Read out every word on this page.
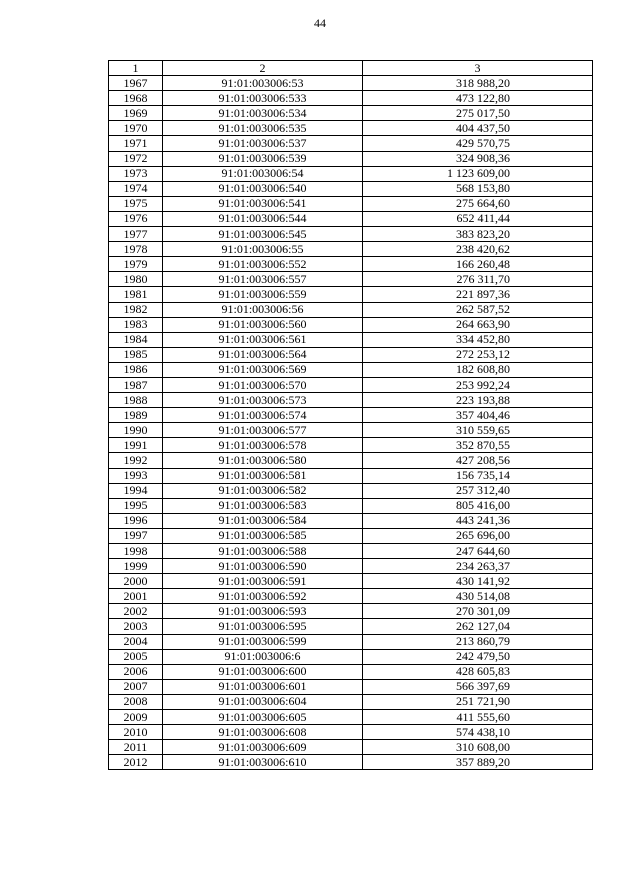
44
1	2	3
1967	91:01:003006:53	318 988,20
1968	91:01:003006:533	473 122,80
1969	91:01:003006:534	275 017,50
1970	91:01:003006:535	404 437,50
1971	91:01:003006:537	429 570,75
1972	91:01:003006:539	324 908,36
1973	91:01:003006:54	1 123 609,00
1974	91:01:003006:540	568 153,80
1975	91:01:003006:541	275 664,60
1976	91:01:003006:544	652 411,44
1977	91:01:003006:545	383 823,20
1978	91:01:003006:55	238 420,62
1979	91:01:003006:552	166 260,48
1980	91:01:003006:557	276 311,70
1981	91:01:003006:559	221 897,36
1982	91:01:003006:56	262 587,52
1983	91:01:003006:560	264 663,90
1984	91:01:003006:561	334 452,80
1985	91:01:003006:564	272 253,12
1986	91:01:003006:569	182 608,80
1987	91:01:003006:570	253 992,24
1988	91:01:003006:573	223 193,88
1989	91:01:003006:574	357 404,46
1990	91:01:003006:577	310 559,65
1991	91:01:003006:578	352 870,55
1992	91:01:003006:580	427 208,56
1993	91:01:003006:581	156 735,14
1994	91:01:003006:582	257 312,40
1995	91:01:003006:583	805 416,00
1996	91:01:003006:584	443 241,36
1997	91:01:003006:585	265 696,00
1998	91:01:003006:588	247 644,60
1999	91:01:003006:590	234 263,37
2000	91:01:003006:591	430 141,92
2001	91:01:003006:592	430 514,08
2002	91:01:003006:593	270 301,09
2003	91:01:003006:595	262 127,04
2004	91:01:003006:599	213 860,79
2005	91:01:003006:6	242 479,50
2006	91:01:003006:600	428 605,83
2007	91:01:003006:601	566 397,69
2008	91:01:003006:604	251 721,90
2009	91:01:003006:605	411 555,60
2010	91:01:003006:608	574 438,10
2011	91:01:003006:609	310 608,00
2012	91:01:003006:610	357 889,20
